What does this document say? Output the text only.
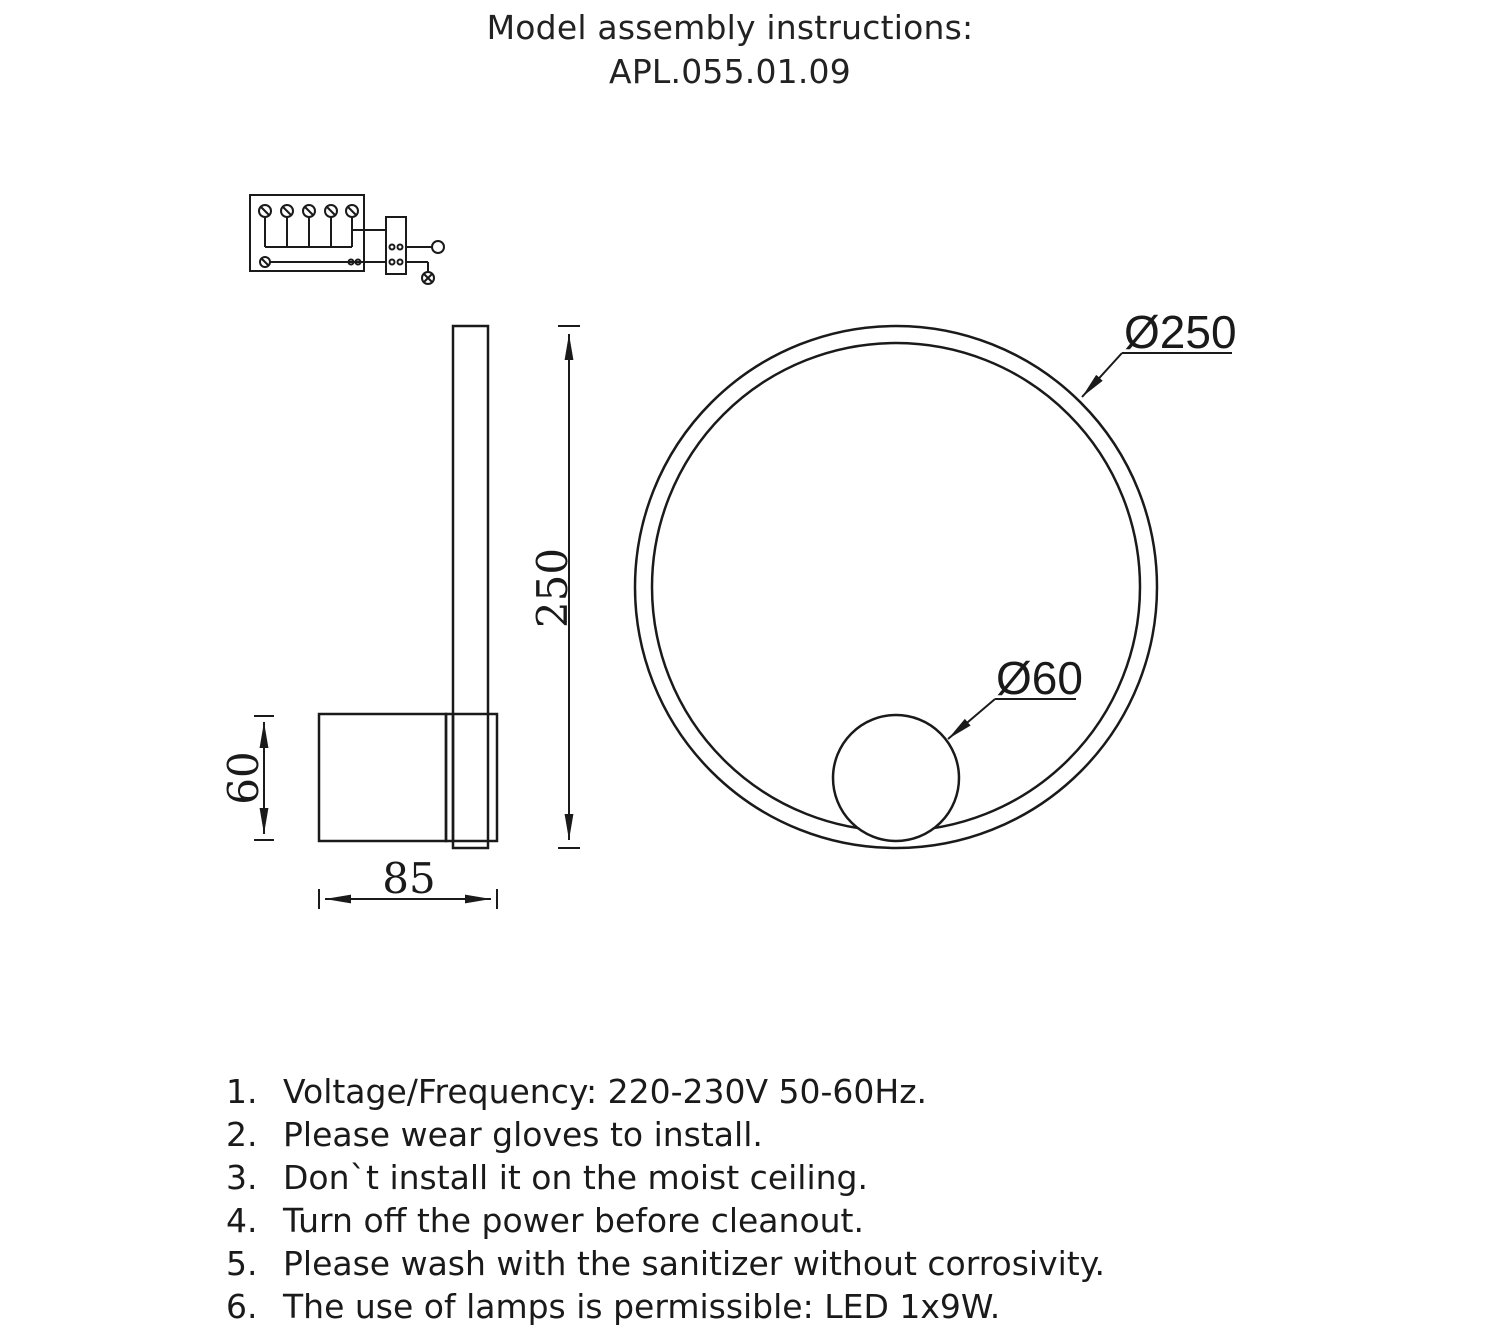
Model assembly instructions:
APL.055.01.09
250
60
85
Ø250
Ø60
1. Voltage/Frequency: 220-230V 50-60Hz.
2. Please wear gloves to install.
3. Don`t install it on the moist ceiling.
4. Turn off the power before cleanout.
5. Please wash with the sanitizer without corrosivity.
6. The use of lamps is permissible: LED 1x9W.
